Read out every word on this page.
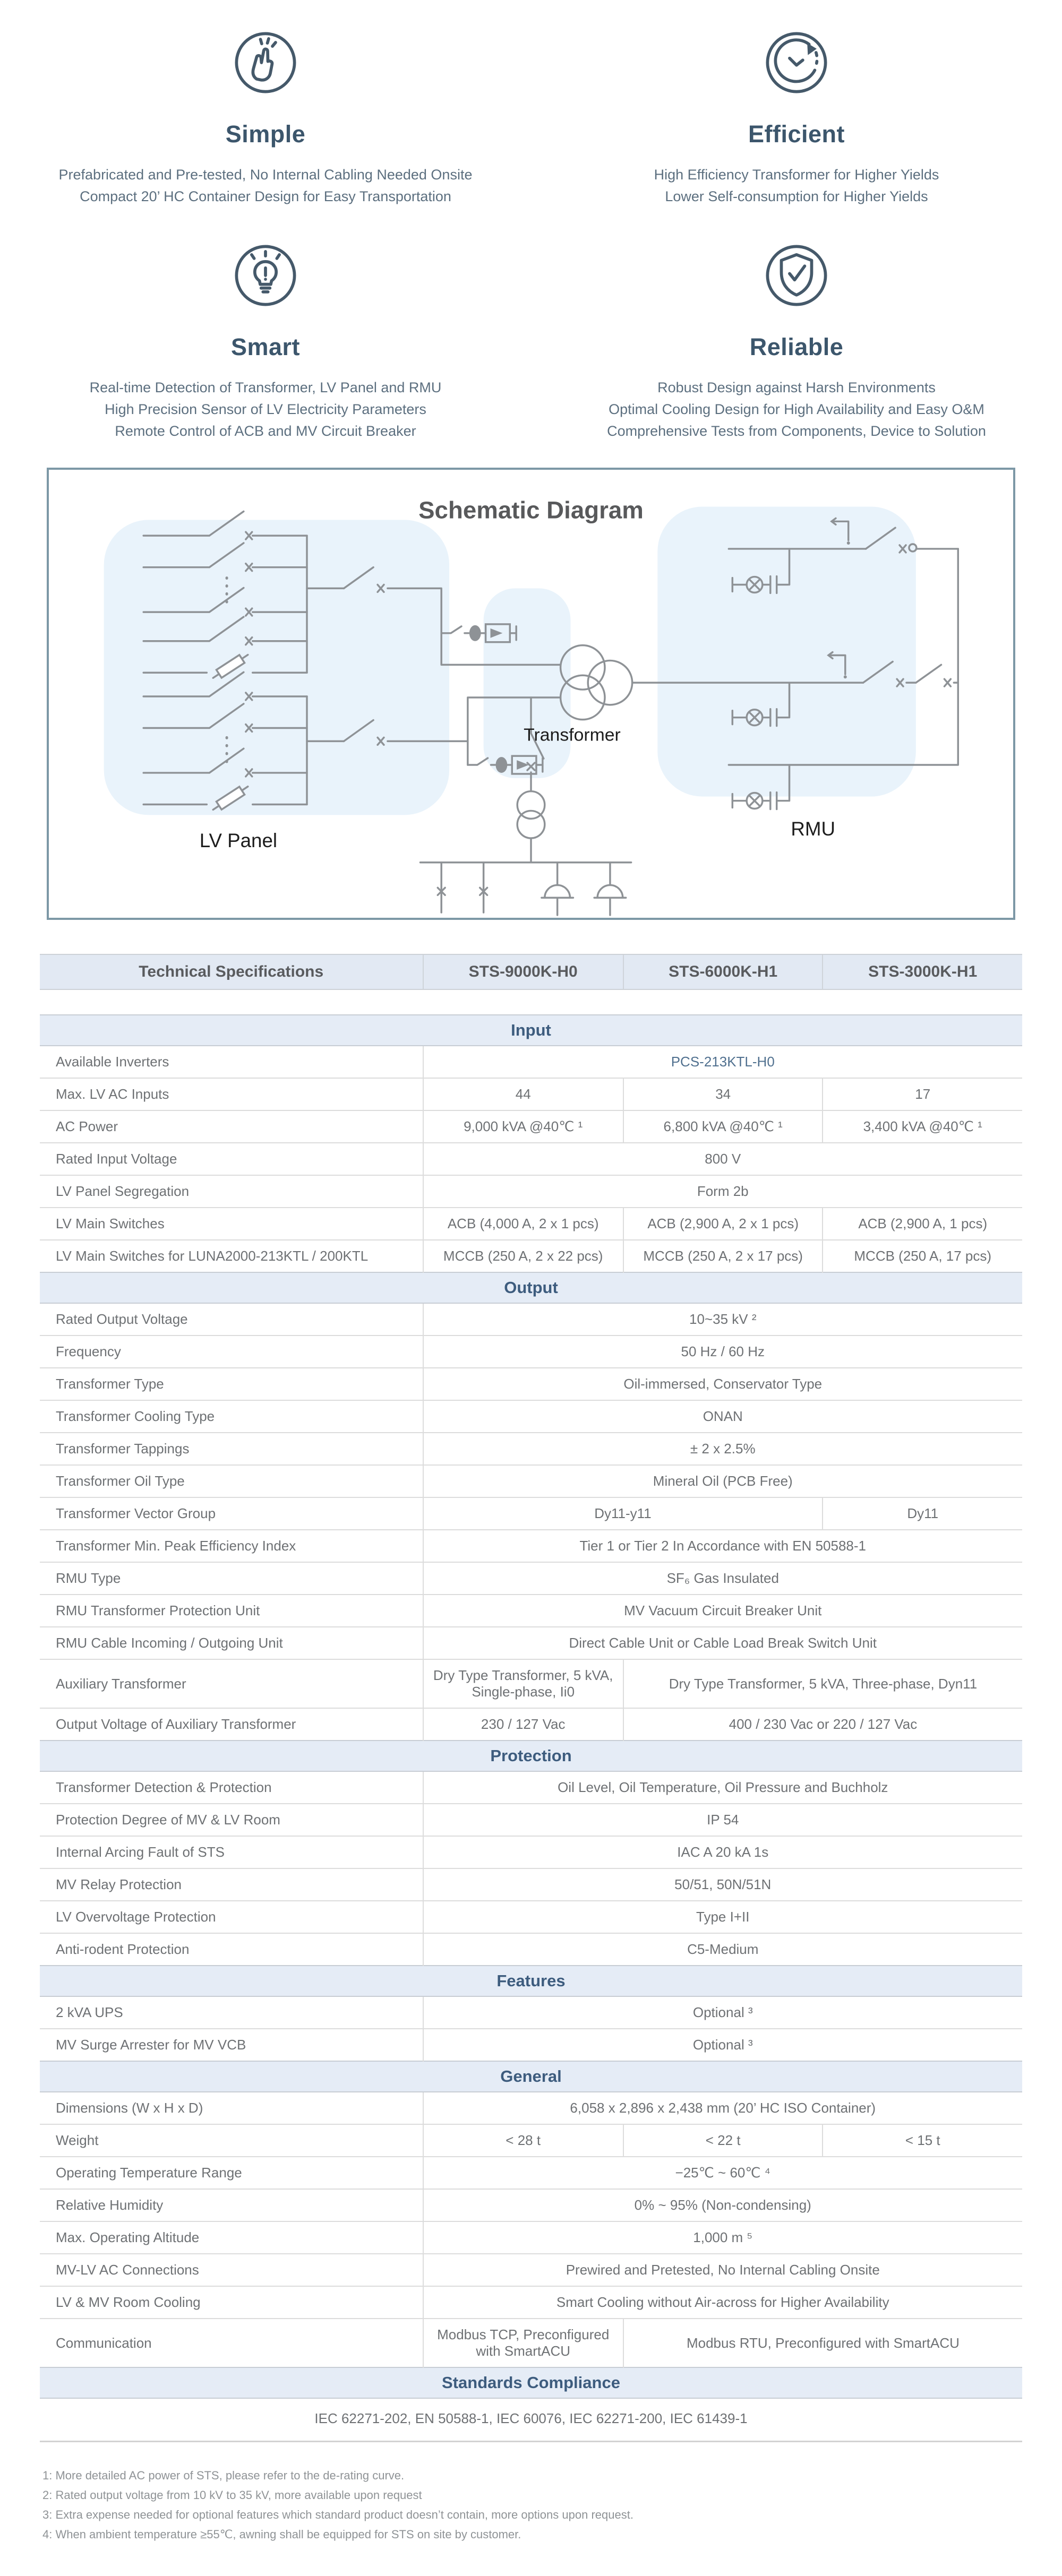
Simple
Prefabricated and Pre-tested, No Internal Cabling Needed Onsite
Compact 20’ HC Container Design for Easy Transportation
Efficient
High Efficiency Transformer for Higher Yields
Lower Self-consumption for Higher Yields
Smart
Real-time Detection of Transformer, LV Panel and RMU
High Precision Sensor of LV Electricity Parameters
Remote Control of ACB and MV Circuit Breaker
Reliable
Robust Design against Harsh Environments
Optimal Cooling Design for High Availability and Easy O&M
Comprehensive Tests from Components, Device to Solution
Schematic Diagram
LV Panel
Transformer
RMU
Technical Specifications	STS-9000K-H0	STS-6000K-H1	STS-3000K-H1
Input			
Available Inverters	PCS-213KTL-H0		
Max. LV AC Inputs	44	34	17
AC Power	9,000 kVA @40℃ ¹	6,800 kVA @40℃ ¹	3,400 kVA @40℃ ¹
Rated Input Voltage	800 V		
LV Panel Segregation	Form 2b		
LV Main Switches	ACB (4,000 A, 2 x 1 pcs)	ACB (2,900 A, 2 x 1 pcs)	ACB (2,900 A, 1 pcs)
LV Main Switches for LUNA2000-213KTL / 200KTL	MCCB (250 A, 2 x 22 pcs)	MCCB (250 A, 2 x 17 pcs)	MCCB (250 A, 17 pcs)
Output			
Rated Output Voltage	10~35 kV ²		
Frequency	50 Hz / 60 Hz		
Transformer Type	Oil-immersed, Conservator Type		
Transformer Cooling Type	ONAN		
Transformer Tappings	± 2 x 2.5%		
Transformer Oil Type	Mineral Oil (PCB Free)		
Transformer Vector Group	Dy11-y11		Dy11
Transformer Min. Peak Efficiency Index	Tier 1 or Tier 2 In Accordance with EN 50588-1		
RMU Type	SF₆ Gas Insulated		
RMU Transformer Protection Unit	MV Vacuum Circuit Breaker Unit		
RMU Cable Incoming / Outgoing Unit	Direct Cable Unit or Cable Load Break Switch Unit		
Auxiliary Transformer	Dry Type Transformer, 5 kVA, Single-phase, Ii0	Dry Type Transformer, 5 kVA, Three-phase, Dyn11	
Output Voltage of Auxiliary Transformer	230 / 127 Vac	400 / 230 Vac or 220 / 127 Vac	
Protection			
Transformer Detection & Protection	Oil Level, Oil Temperature, Oil Pressure and Buchholz		
Protection Degree of MV & LV Room	IP 54		
Internal Arcing Fault of STS	IAC A 20 kA 1s		
MV Relay Protection	50/51, 50N/51N		
LV Overvoltage Protection	Type I+II		
Anti-rodent Protection	C5-Medium		
Features			
2 kVA UPS	Optional ³		
MV Surge Arrester for MV VCB	Optional ³		
General			
Dimensions (W x H x D)	6,058 x 2,896 x 2,438 mm (20’ HC ISO Container)		
Weight	< 28 t	< 22 t	< 15 t
Operating Temperature Range	−25℃ ~ 60℃ ⁴		
Relative Humidity	0% ~ 95% (Non-condensing)		
Max. Operating Altitude	1,000 m ⁵		
MV-LV AC Connections	Prewired and Pretested, No Internal Cabling Onsite		
LV & MV Room Cooling	Smart Cooling without Air-across for Higher Availability		
Communication	Modbus TCP, Preconfigured with SmartACU	Modbus RTU, Preconfigured with SmartACU	
Standards Compliance			
IEC 62271-202, EN 50588-1, IEC 60076, IEC 62271-200, IEC 61439-1			
1: More detailed AC power of STS, please refer to the de-rating curve.
2: Rated output voltage from 10 kV to 35 kV, more available upon request
3: Extra expense needed for optional features which standard product doesn’t contain, more options upon request.
4: When ambient temperature ≥55℃, awning shall be equipped for STS on site by customer.
